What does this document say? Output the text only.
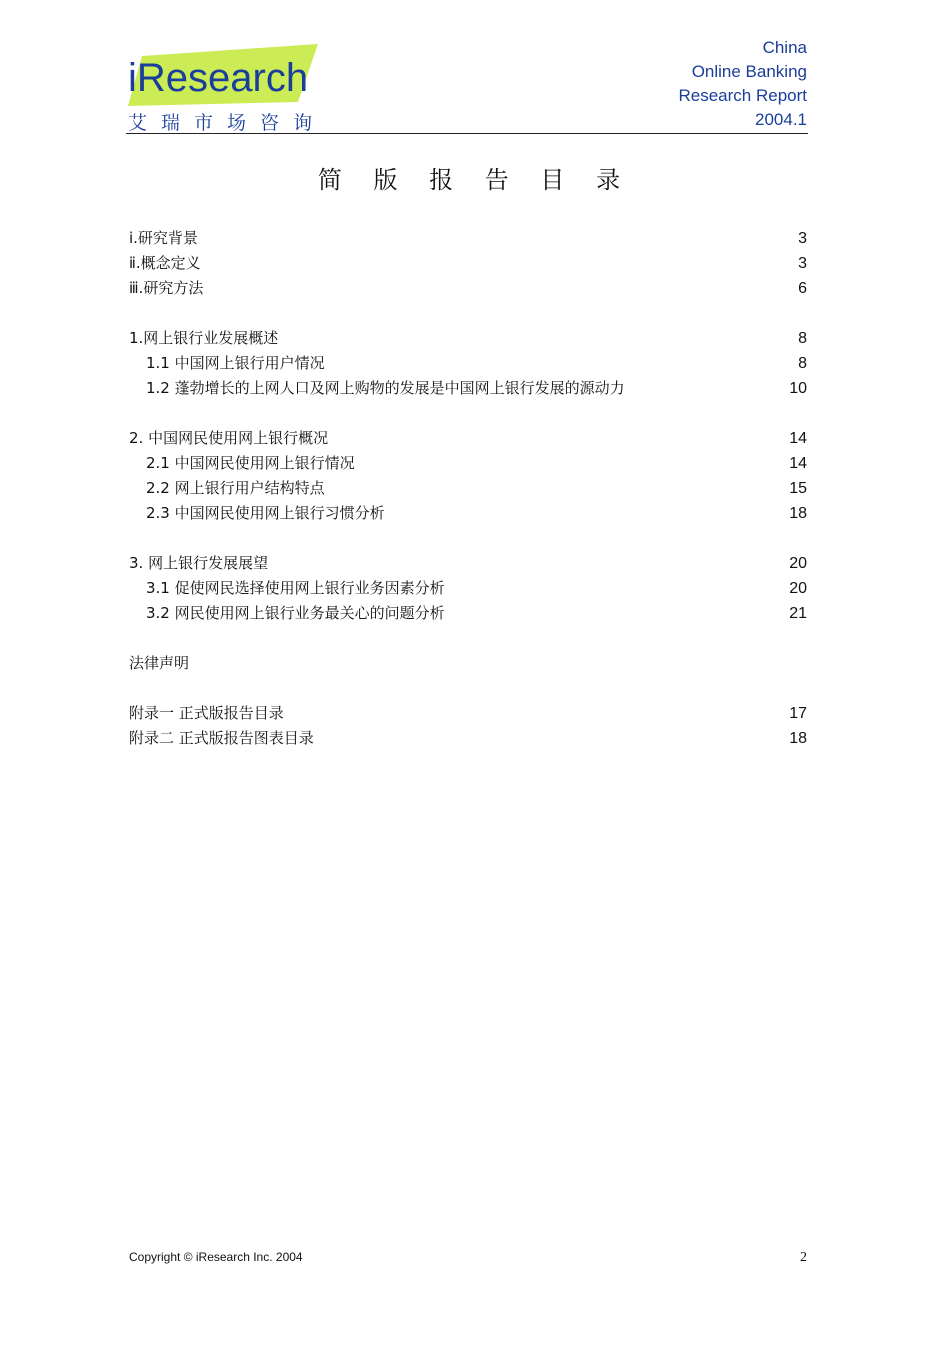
iResearch
艾瑞市场咨询
China
Online Banking
Research Report
2004.1
简 版 报 告 目 录
ⅰ.研究背景	3
ⅱ.概念定义	3
ⅲ.研究方法	6
1.网上银行业发展概述	8
1.1 中国网上银行用户情况	8
1.2 蓬勃增长的上网人口及网上购物的发展是中国网上银行发展的源动力	10
2. 中国网民使用网上银行概况	14
2.1 中国网民使用网上银行情况	14
2.2 网上银行用户结构特点	15
2.3 中国网民使用网上银行习惯分析	18
3. 网上银行发展展望	20
3.1 促使网民选择使用网上银行业务因素分析	20
3.2 网民使用网上银行业务最关心的问题分析	21
法律声明
附录一 正式版报告目录	17
附录二 正式版报告图表目录	18
Copyright © iResearch Inc. 2004	2
